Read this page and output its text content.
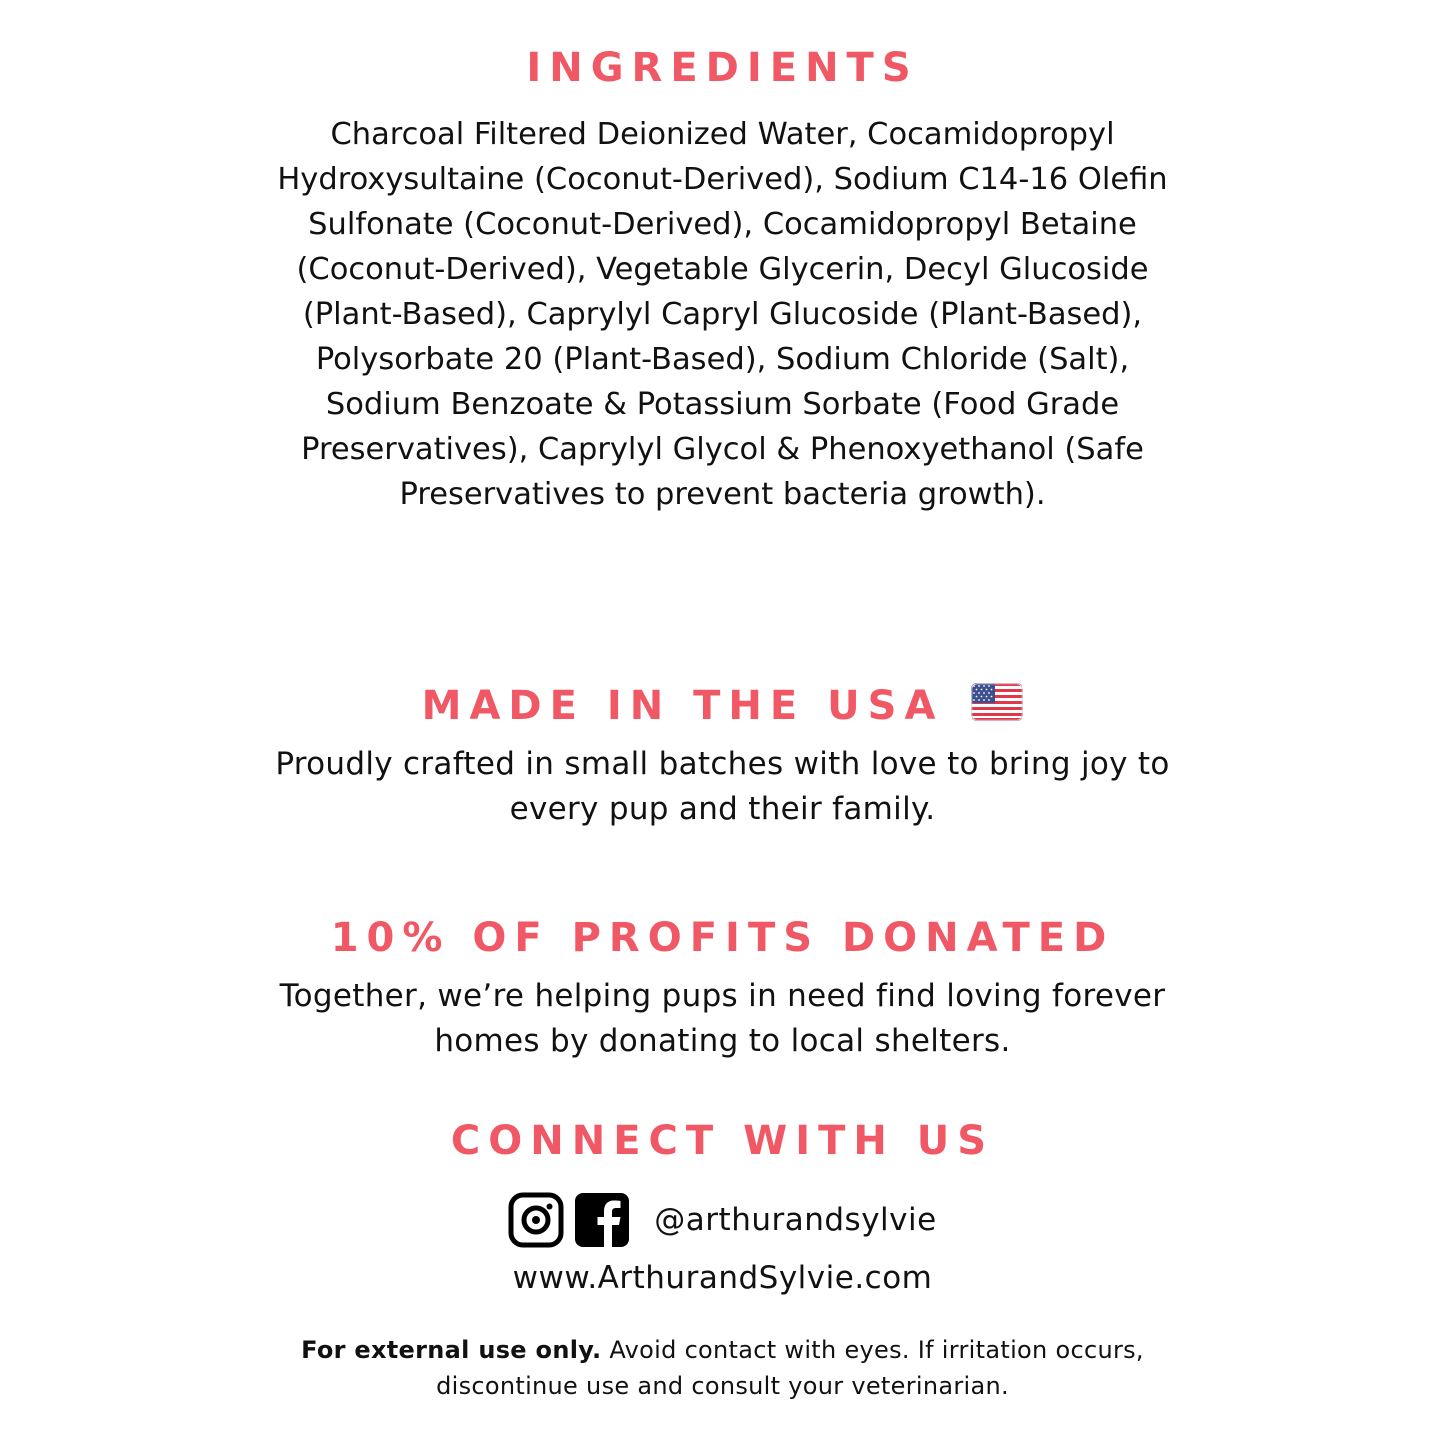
INGREDIENTS
Charcoal Filtered Deionized Water, Cocamidopropyl Hydroxysultaine (Coconut-Derived), Sodium C14-16 Olefin Sulfonate (Coconut-Derived), Cocamidopropyl Betaine (Coconut-Derived), Vegetable Glycerin, Decyl Glucoside (Plant-Based), Caprylyl Capryl Glucoside (Plant-Based), Polysorbate 20 (Plant-Based), Sodium Chloride (Salt), Sodium Benzoate & Potassium Sorbate (Food Grade Preservatives), Caprylyl Glycol & Phenoxyethanol (Safe Preservatives to prevent bacteria growth).
MADE IN THE USA
Proudly crafted in small batches with love to bring joy to every pup and their family.
10% OF PROFITS DONATED
Together, we’re helping pups in need find loving forever homes by donating to local shelters.
CONNECT WITH US
@arthurandsylvie
www.ArthurandSylvie.com
For external use only. Avoid contact with eyes. If irritation occurs, discontinue use and consult your veterinarian.
